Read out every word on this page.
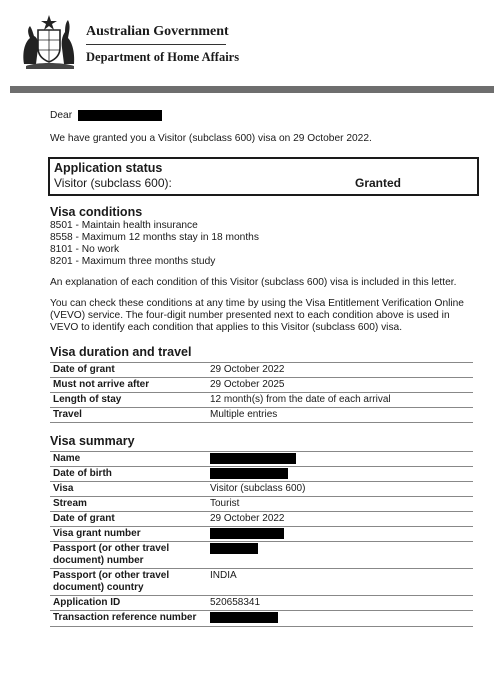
Australian Government
Department of Home Affairs

Dear

We have granted you a Visitor (subclass 600) visa on 29 October 2022.

Application status
Visitor (subclass 600):	Granted
Visa conditions
8501 - Maintain health insurance
8558 - Maximum 12 months stay in 18 months
8101 - No work
8201 - Maximum three months study

An explanation of each condition of this Visitor (subclass 600) visa is included in this letter.

You can check these conditions at any time by using the Visa Entitlement Verification Online (VEVO) service. The four-digit number presented next to each condition above is used in VEVO to identify each condition that applies to this Visitor (subclass 600) visa.

Visa duration and travel
Date of grant	29 October 2022
Must not arrive after	29 October 2025
Length of stay	12 month(s) from the date of each arrival
Travel	Multiple entries
Visa summary
Name	
Date of birth	
Visa	Visitor (subclass 600)
Stream	Tourist
Date of grant	29 October 2022
Visa grant number	
Passport (or other travel document) number	
Passport (or other travel document) country	INDIA
Application ID	520658341
Transaction reference number	
